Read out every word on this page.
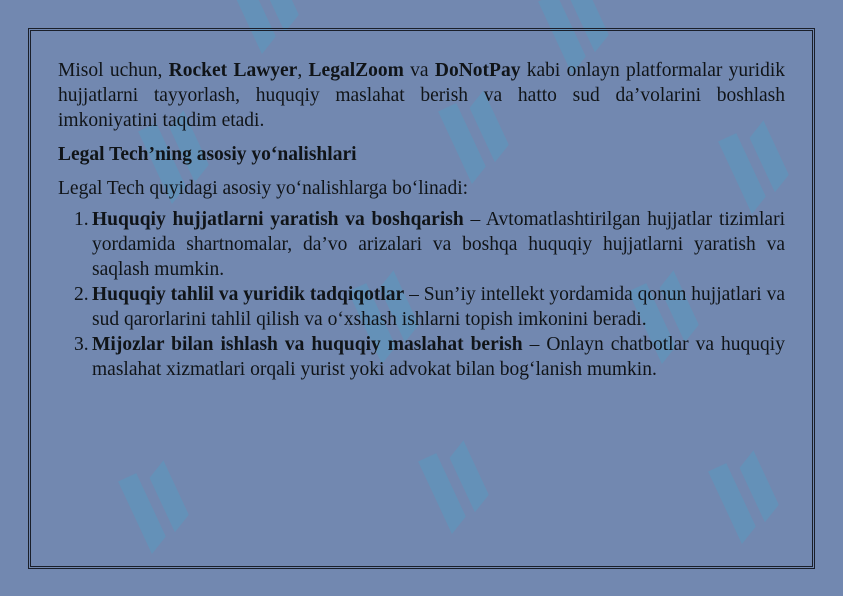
Misol uchun, Rocket Lawyer, LegalZoom va DoNotPay kabi onlayn platformalar yuridik hujjatlarni tayyorlash, huquqiy maslahat berish va hatto sud da’volarini boshlash imkoniyatini taqdim etadi.

Legal Tech’ning asosiy yo‘nalishlari

Legal Tech quyidagi asosiy yo‘nalishlarga bo‘linadi:

1. Huquqiy hujjatlarni yaratish va boshqarish – Avtomatlashtirilgan hujjatlar tizimlari yordamida shartnomalar, da’vo arizalari va boshqa huquqiy hujjatlarni yaratish va saqlash mumkin.
2. Huquqiy tahlil va yuridik tadqiqotlar – Sun’iy intellekt yordamida qonun hujjatlari va sud qarorlarini tahlil qilish va o‘xshash ishlarni topish imkonini beradi.
3. Mijozlar bilan ishlash va huquqiy maslahat berish – Onlayn chatbotlar va huquqiy maslahat xizmatlari orqali yurist yoki advokat bilan bog‘lanish mumkin.
